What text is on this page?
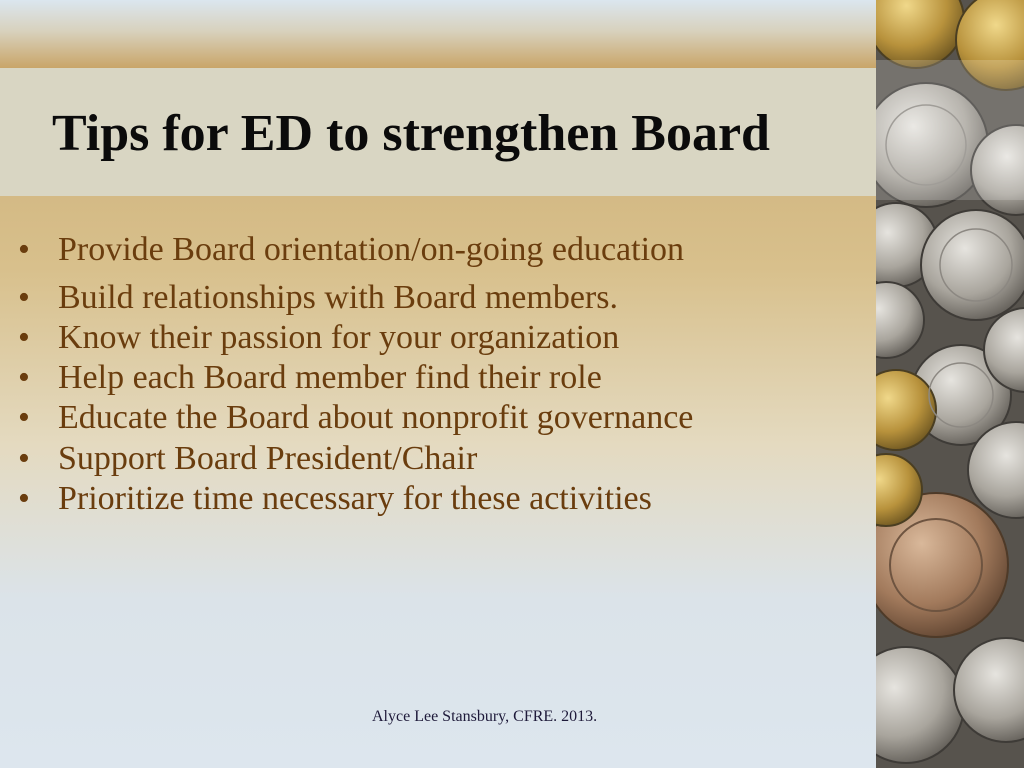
Tips for ED to strengthen Board
• Provide Board orientation/on-going education
• Build relationships with Board members.
• Know their passion for your organization
• Help each Board member find their role
• Educate the Board about nonprofit governance
• Support Board President/Chair
• Prioritize time necessary for these activities
Alyce Lee Stansbury, CFRE. 2013.
